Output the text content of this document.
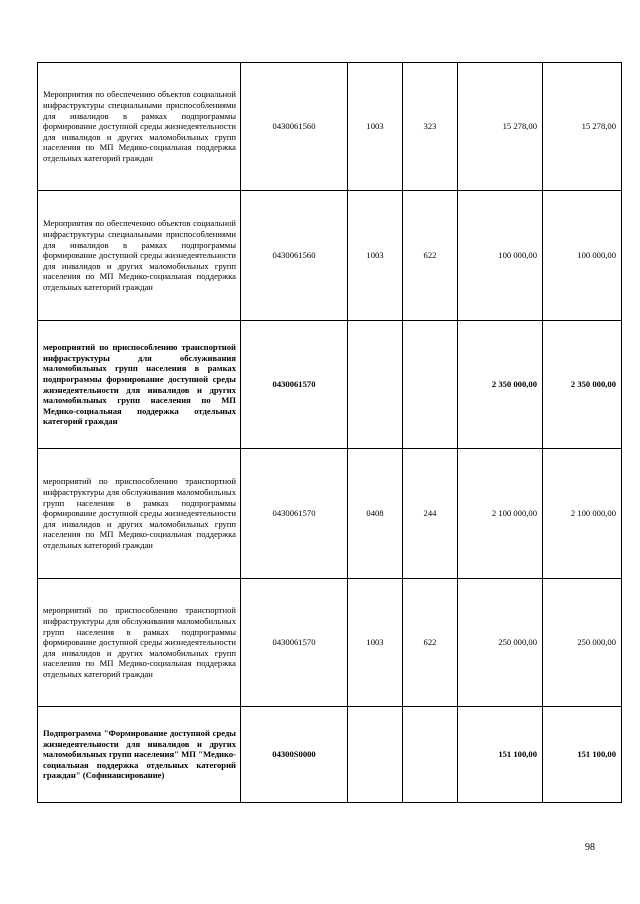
Мероприятия по обеспечению объектов социальной инфраструктуры специальными приспособлениями для инвалидов в рамках подпрограммы формирование доступной среды жизнедеятельности для инвалидов и других маломобильных групп населения по МП Медико-социальная поддержка отдельных категорий граждан	0430061560	1003	323	15 278,00	15 278,00
Мероприятия по обеспечению объектов социальной инфраструктуры специальными приспособлениями для инвалидов в рамках подпрограммы формирование доступной среды жизнедеятельности для инвалидов и других маломобильных групп населения по МП Медико-социальная поддержка отдельных категорий граждан	0430061560	1003	622	100 000,00	100 000,00
мероприятий по приспособлению транспортной инфраструктуры для обслуживания маломобильных групп населения в рамках подпрограммы формирование доступной среды жизнедеятельности для инвалидов и других маломобильных групп населения по МП Медико-социальная поддержка отдельных категорий граждан	0430061570			2 350 000,00	2 350 000,00
мероприятий по приспособлению транспортной инфраструктуры для обслуживания маломобильных групп населения в рамках подпрограммы формирование доступной среды жизнедеятельности для инвалидов и других маломобильных групп населения по МП Медико-социальная поддержка отдельных категорий граждан	0430061570	0408	244	2 100 000,00	2 100 000,00
мероприятий по приспособлению транспортной инфраструктуры для обслуживания маломобильных групп населения в рамках подпрограммы формирование доступной среды жизнедеятельности для инвалидов и других маломобильных групп населения по МП Медико-социальная поддержка отдельных категорий граждан	0430061570	1003	622	250 000,00	250 000,00
Подпрограмма "Формирование доступной среды жизнедеятельности для инвалидов и других маломобильных групп населения" МП "Медико-социальная поддержка отдельных категорий граждан" (Софинансирование)	04300S0000			151 100,00	151 100,00
98
